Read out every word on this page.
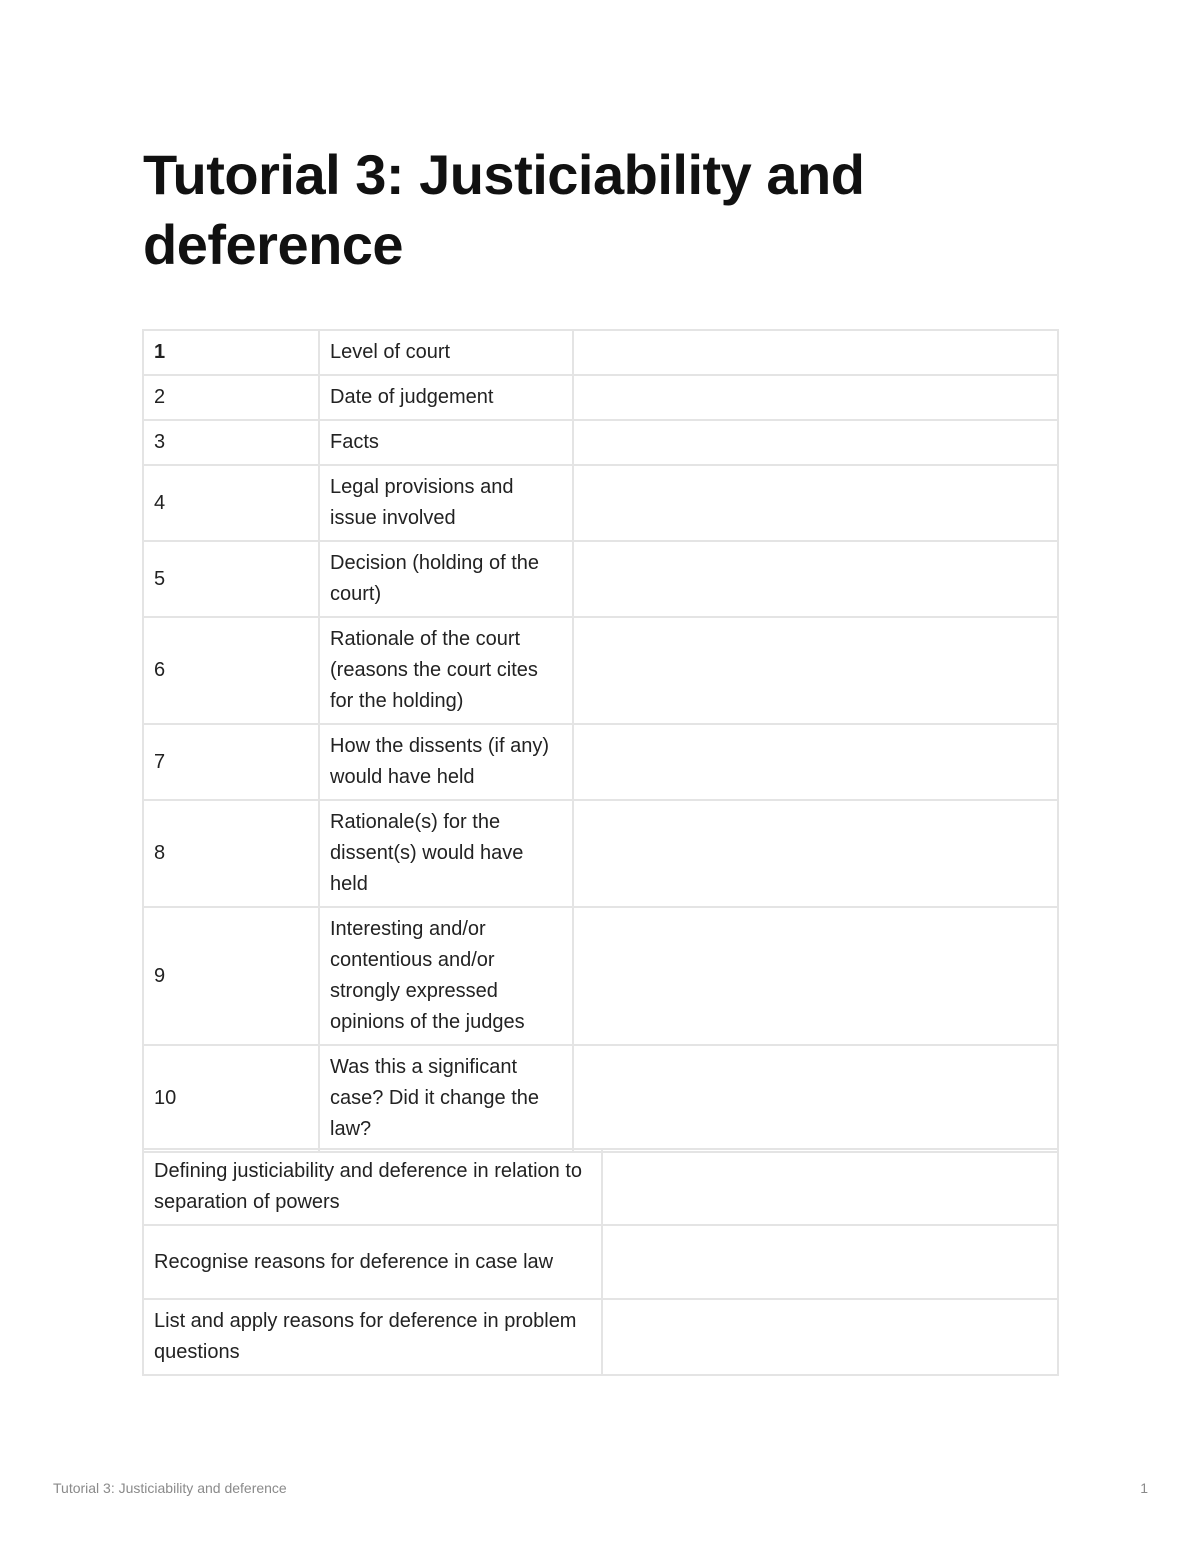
Tutorial 3: Justiciability and deference
1	Level of court	
2	Date of judgement	
3	Facts	
4	Legal provisions and issue involved	
5	Decision (holding of the court)	
6	Rationale of the court (reasons the court cites for the holding)	
7	How the dissents (if any) would have held	
8	Rationale(s) for the dissent(s) would have held	
9	Interesting and/or contentious and/or strongly expressed opinions of the judges	
10	Was this a significant case? Did it change the law?	
Defining justiciability and deference in relation to separation of powers	
Recognise reasons for deference in case law	
List and apply reasons for deference in problem questions	
Tutorial 3: Justiciability and deference	1
